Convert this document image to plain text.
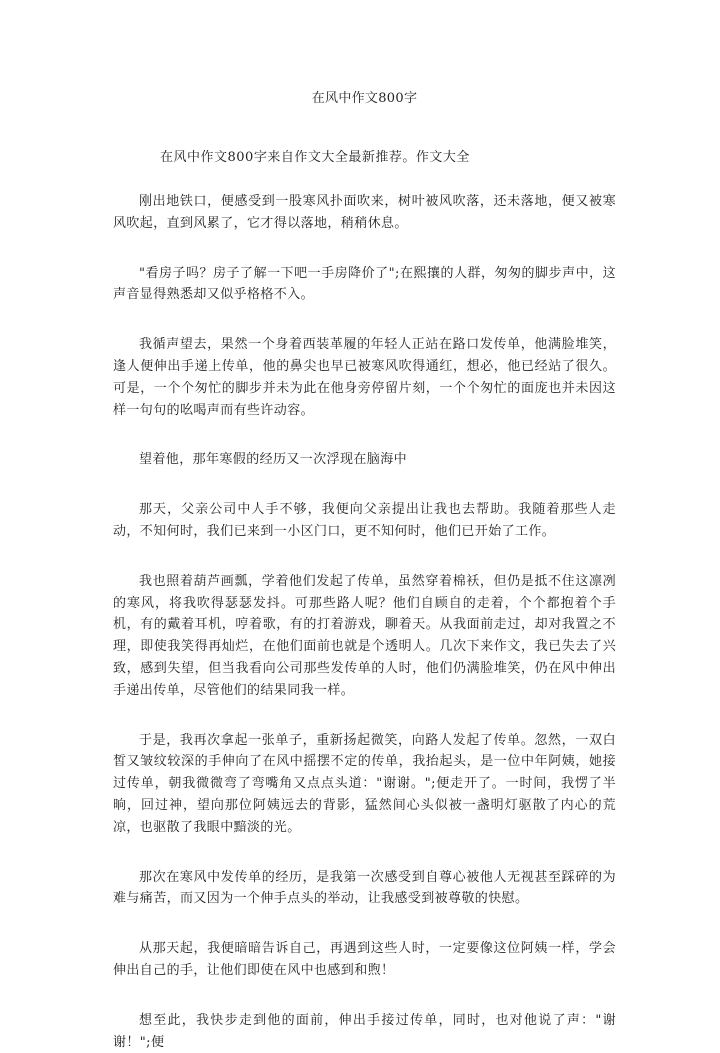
在风中作文800字
在风中作文800字来自作文大全最新推荐。作文大全

刚出地铁口，便感受到一股寒风扑面吹来，树叶被风吹落，还未落地，便又被寒风吹起，直到风累了，它才得以落地，稍稍休息。

"看房子吗？房子了解一下吧一手房降价了";在熙攘的人群，匆匆的脚步声中，这声音显得熟悉却又似乎格格不入。

我循声望去，果然一个身着西装革履的年轻人正站在路口发传单，他满脸堆笑，逢人便伸出手递上传单，他的鼻尖也早已被寒风吹得通红，想必，他已经站了很久。可是，一个个匆忙的脚步并未为此在他身旁停留片刻，一个个匆忙的面庞也并未因这样一句句的吆喝声而有些许动容。

望着他，那年寒假的经历又一次浮现在脑海中

那天，父亲公司中人手不够，我便向父亲提出让我也去帮助。我随着那些人走动，不知何时，我们已来到一小区门口，更不知何时，他们已开始了工作。

我也照着葫芦画瓢，学着他们发起了传单，虽然穿着棉袄，但仍是抵不住这凛冽的寒风，将我吹得瑟瑟发抖。可那些路人呢？他们自顾自的走着，个个都抱着个手机，有的戴着耳机，哼着歌，有的打着游戏，聊着天。从我面前走过，却对我置之不理，即使我笑得再灿烂，在他们面前也就是个透明人。几次下来作文，我已失去了兴致，感到失望，但当我看向公司那些发传单的人时，他们仍满脸堆笑，仍在风中伸出手递出传单，尽管他们的结果同我一样。

于是，我再次拿起一张单子，重新扬起微笑，向路人发起了传单。忽然，一双白皙又皱纹较深的手伸向了在风中摇摆不定的传单，我抬起头，是一位中年阿姨，她接过传单，朝我微微弯了弯嘴角又点点头道："谢谢。";便走开了。一时间，我愣了半晌，回过神，望向那位阿姨远去的背影，猛然间心头似被一盏明灯驱散了内心的荒凉，也驱散了我眼中黯淡的光。

那次在寒风中发传单的经历，是我第一次感受到自尊心被他人无视甚至踩碎的为难与痛苦，而又因为一个伸手点头的举动，让我感受到被尊敬的快慰。

从那天起，我便暗暗告诉自己，再遇到这些人时，一定要像这位阿姨一样，学会伸出自己的手，让他们即使在风中也感到和煦！

想至此，我快步走到他的面前，伸出手接过传单，同时，也对他说了声："谢谢！";便
